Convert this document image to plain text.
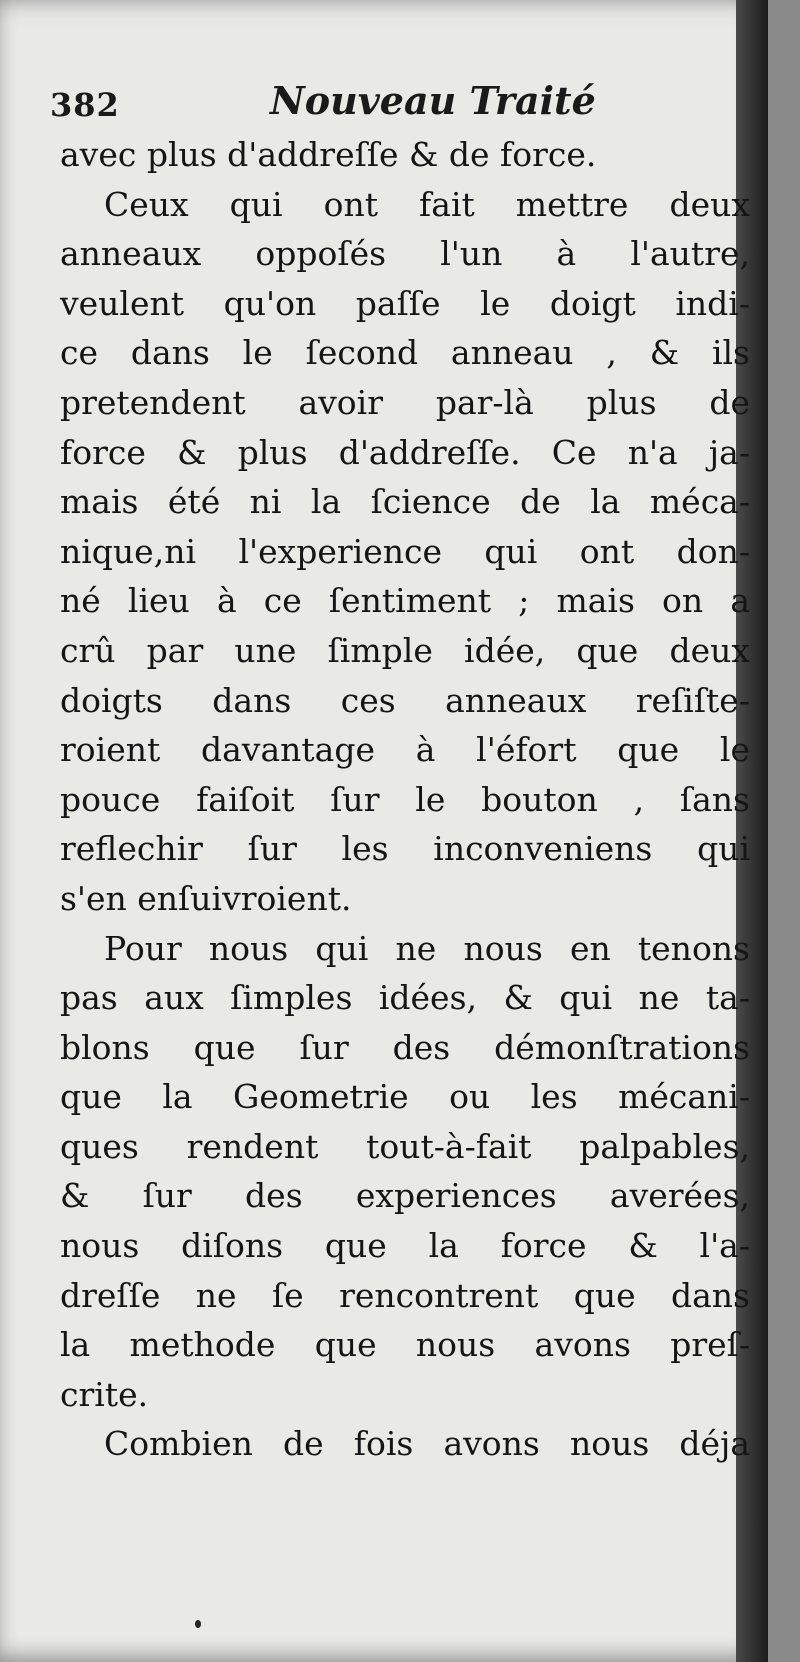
382	Nouveau Traité
avec plus d'addreſſe & de force.
Ceux qui ont fait mettre deux
anneaux oppoſés l'un à l'autre,
veulent qu'on paſſe le doigt indi-
ce dans le ſecond anneau , & ils
pretendent avoir par-là plus de
force & plus d'addreſſe. Ce n'a ja-
mais été ni la ſcience de la méca-
nique,ni l'experience qui ont don-
né lieu à ce ſentiment ; mais on a
crû par une ſimple idée, que deux
doigts dans ces anneaux reſiſte-
roient davantage à l'éfort que le
pouce faiſoit ſur le bouton , ſans
reflechir ſur les inconveniens qui
s'en enſuivroient.
Pour nous qui ne nous en tenons
pas aux ſimples idées, & qui ne ta-
blons que ſur des démonſtrations
que la Geometrie ou les mécani-
ques rendent tout-à-fait palpables,
& ſur des experiences averées,
nous diſons que la force & l'a-
dreſſe ne ſe rencontrent que dans
la methode que nous avons preſ-
crite.
Combien de fois avons nous déja
